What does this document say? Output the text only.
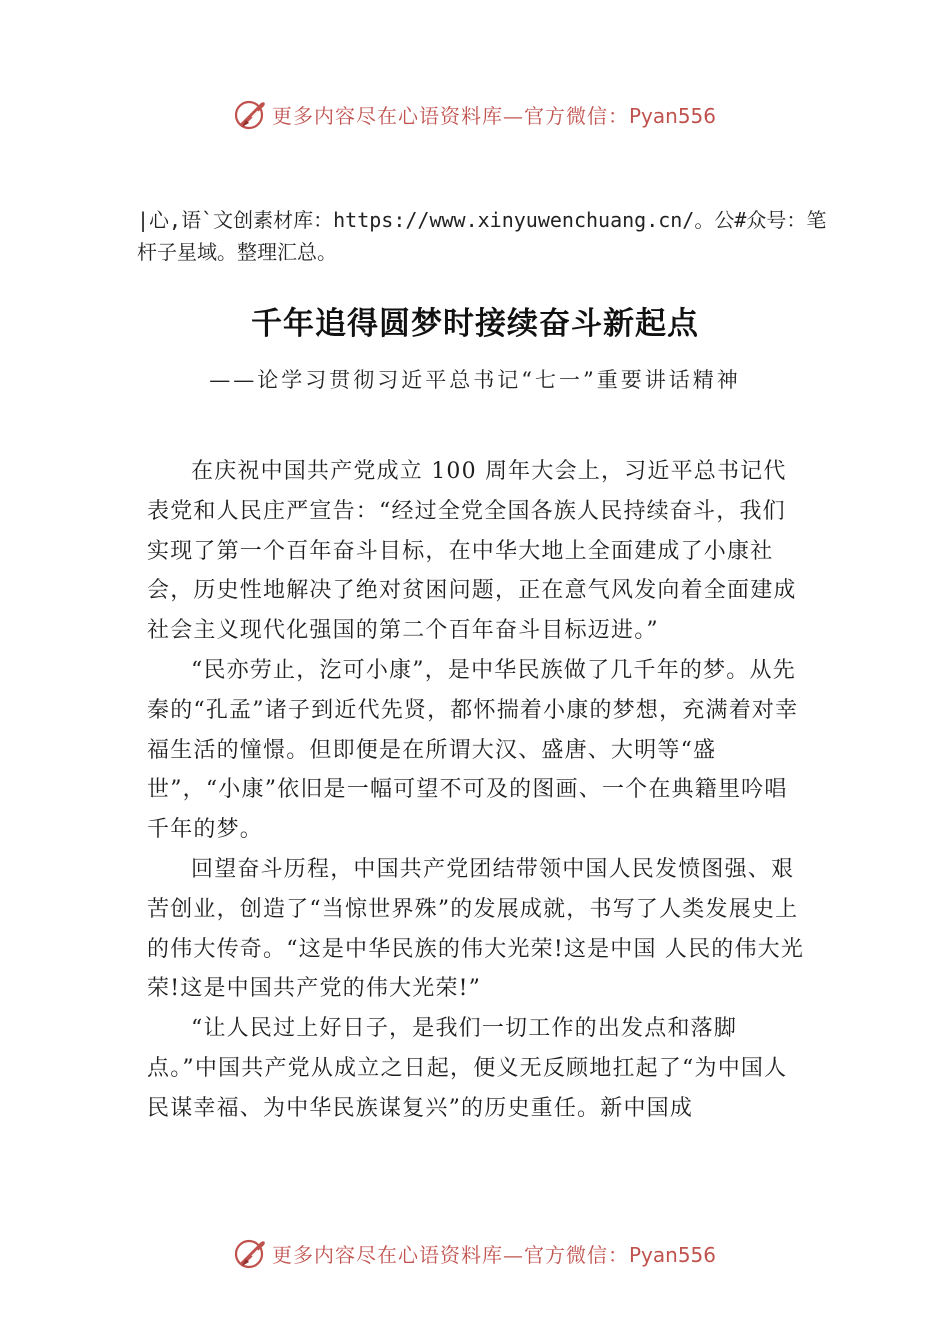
更多内容尽在心语资料库—官方微信：Pyan556
|心,语`文创素材库：https://www.xinyuwenchuang.cn/。公#众号：笔杆子星域。整理汇总。
千年追得圆梦时接续奋斗新起点
——论学习贯彻习近平总书记“七一”重要讲话精神

在庆祝中国共产党成立 100 周年大会上，习近平总书记代表党和人民庄严宣告：“经过全党全国各族人民持续奋斗，我们实现了第一个百年奋斗目标，在中华大地上全面建成了小康社会，历史性地解决了绝对贫困问题，正在意气风发向着全面建成社会主义现代化强国的第二个百年奋斗目标迈进。”

“民亦劳止，汔可小康”，是中华民族做了几千年的梦。从先秦的“孔孟”诸子到近代先贤，都怀揣着小康的梦想，充满着对幸福生活的憧憬。但即便是在所谓大汉、盛唐、大明等“盛世”，“小康”依旧是一幅可望不可及的图画、一个在典籍里吟唱千年的梦。

回望奋斗历程，中国共产党团结带领中国人民发愤图强、艰苦创业，创造了“当惊世界殊”的发展成就，书写了人类发展史上的伟大传奇。“这是中华民族的伟大光荣!这是中国 人民的伟大光荣!这是中国共产党的伟大光荣!”

“让人民过上好日子，是我们一切工作的出发点和落脚点。”中国共产党从成立之日起，便义无反顾地扛起了“为中国人民谋幸福、为中华民族谋复兴”的历史重任。新中国成

更多内容尽在心语资料库—官方微信：Pyan556
